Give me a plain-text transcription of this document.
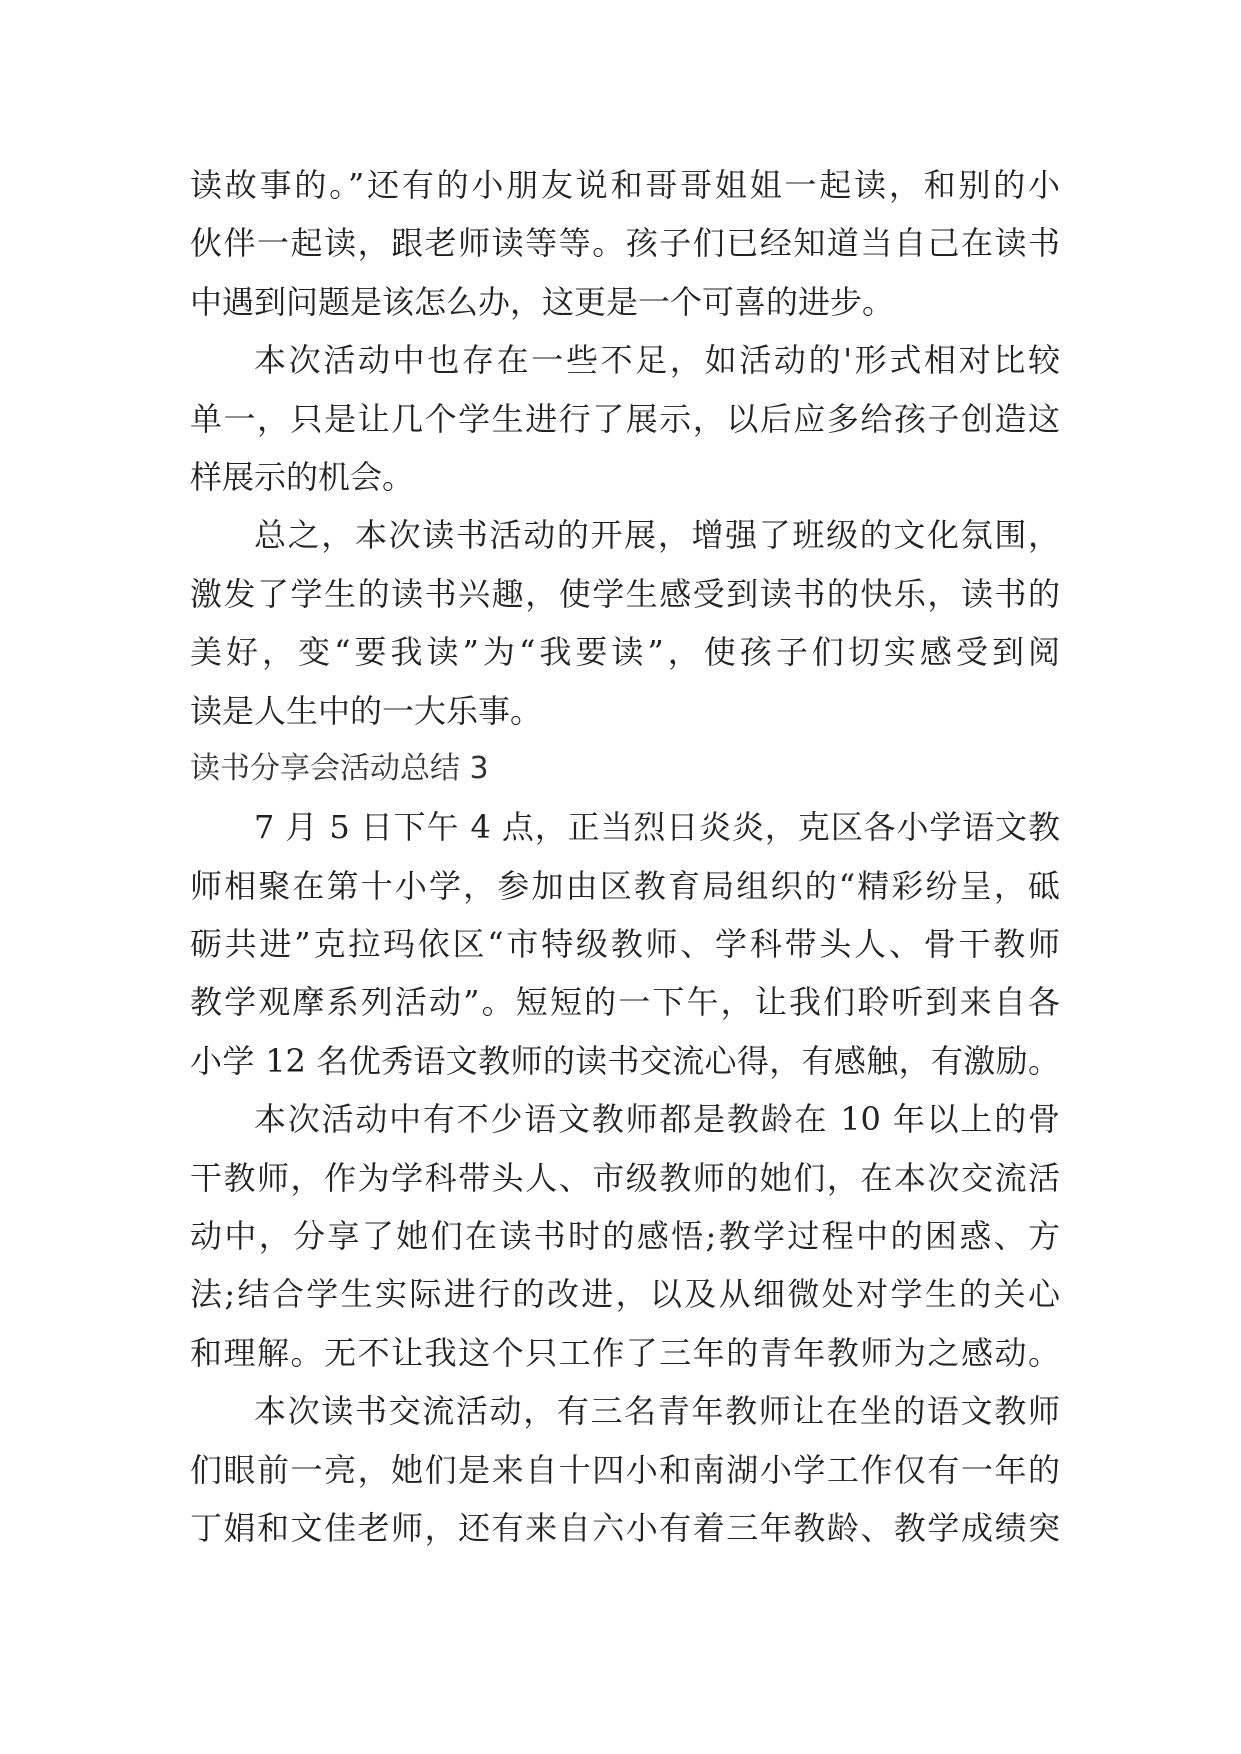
读故事的。”还有的小朋友说和哥哥姐姐一起读，和别的小
伙伴一起读，跟老师读等等。孩子们已经知道当自己在读书
中遇到问题是该怎么办，这更是一个可喜的进步。
本次活动中也存在一些不足，如活动的'形式相对比较
单一，只是让几个学生进行了展示，以后应多给孩子创造这
样展示的机会。
总之，本次读书活动的开展，增强了班级的文化氛围，
激发了学生的读书兴趣，使学生感受到读书的快乐，读书的
美好，变“要我读”为“我要读”，使孩子们切实感受到阅
读是人生中的一大乐事。
读书分享会活动总结 3
7 月 5 日下午 4 点，正当烈日炎炎，克区各小学语文教
师相聚在第十小学，参加由区教育局组织的“精彩纷呈，砥
砺共进”克拉玛依区“市特级教师、学科带头人、骨干教师
教学观摩系列活动”。短短的一下午，让我们聆听到来自各
小学 12 名优秀语文教师的读书交流心得，有感触，有激励。
本次活动中有不少语文教师都是教龄在 10 年以上的骨
干教师，作为学科带头人、市级教师的她们，在本次交流活
动中，分享了她们在读书时的感悟;教学过程中的困惑、方
法;结合学生实际进行的改进，以及从细微处对学生的关心
和理解。无不让我这个只工作了三年的青年教师为之感动。
本次读书交流活动，有三名青年教师让在坐的语文教师
们眼前一亮，她们是来自十四小和南湖小学工作仅有一年的
丁娟和文佳老师，还有来自六小有着三年教龄、教学成绩突
